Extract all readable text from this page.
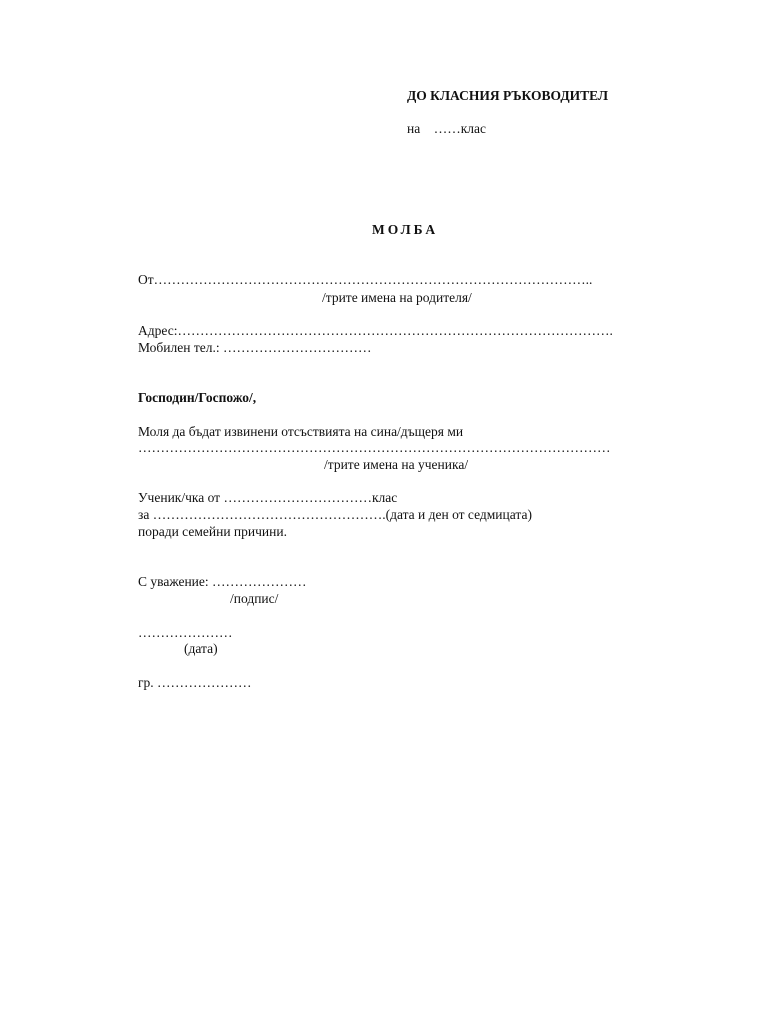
ДО КЛАСНИЯ РЪКОВОДИТЕЛ
на    ……клас
МОЛБА
От……………………………………………………………………………………..
/трите имена на родителя/
Адрес:…………………………………………………………………………………….
Мобилен тел.: ……………………………
Господин/Госпожо/,
Моля да бъдат извинени отсъствията на сина/дъщеря ми
……………………………………………………………………………………………
/трите имена на ученика/
Ученик/чка от ……………………………клас
за …………………………………………….(дата и ден от седмицата)
поради семейни причини.
С уважение: …………………
/подпис/
…………………
(дата)
гр. …………………
